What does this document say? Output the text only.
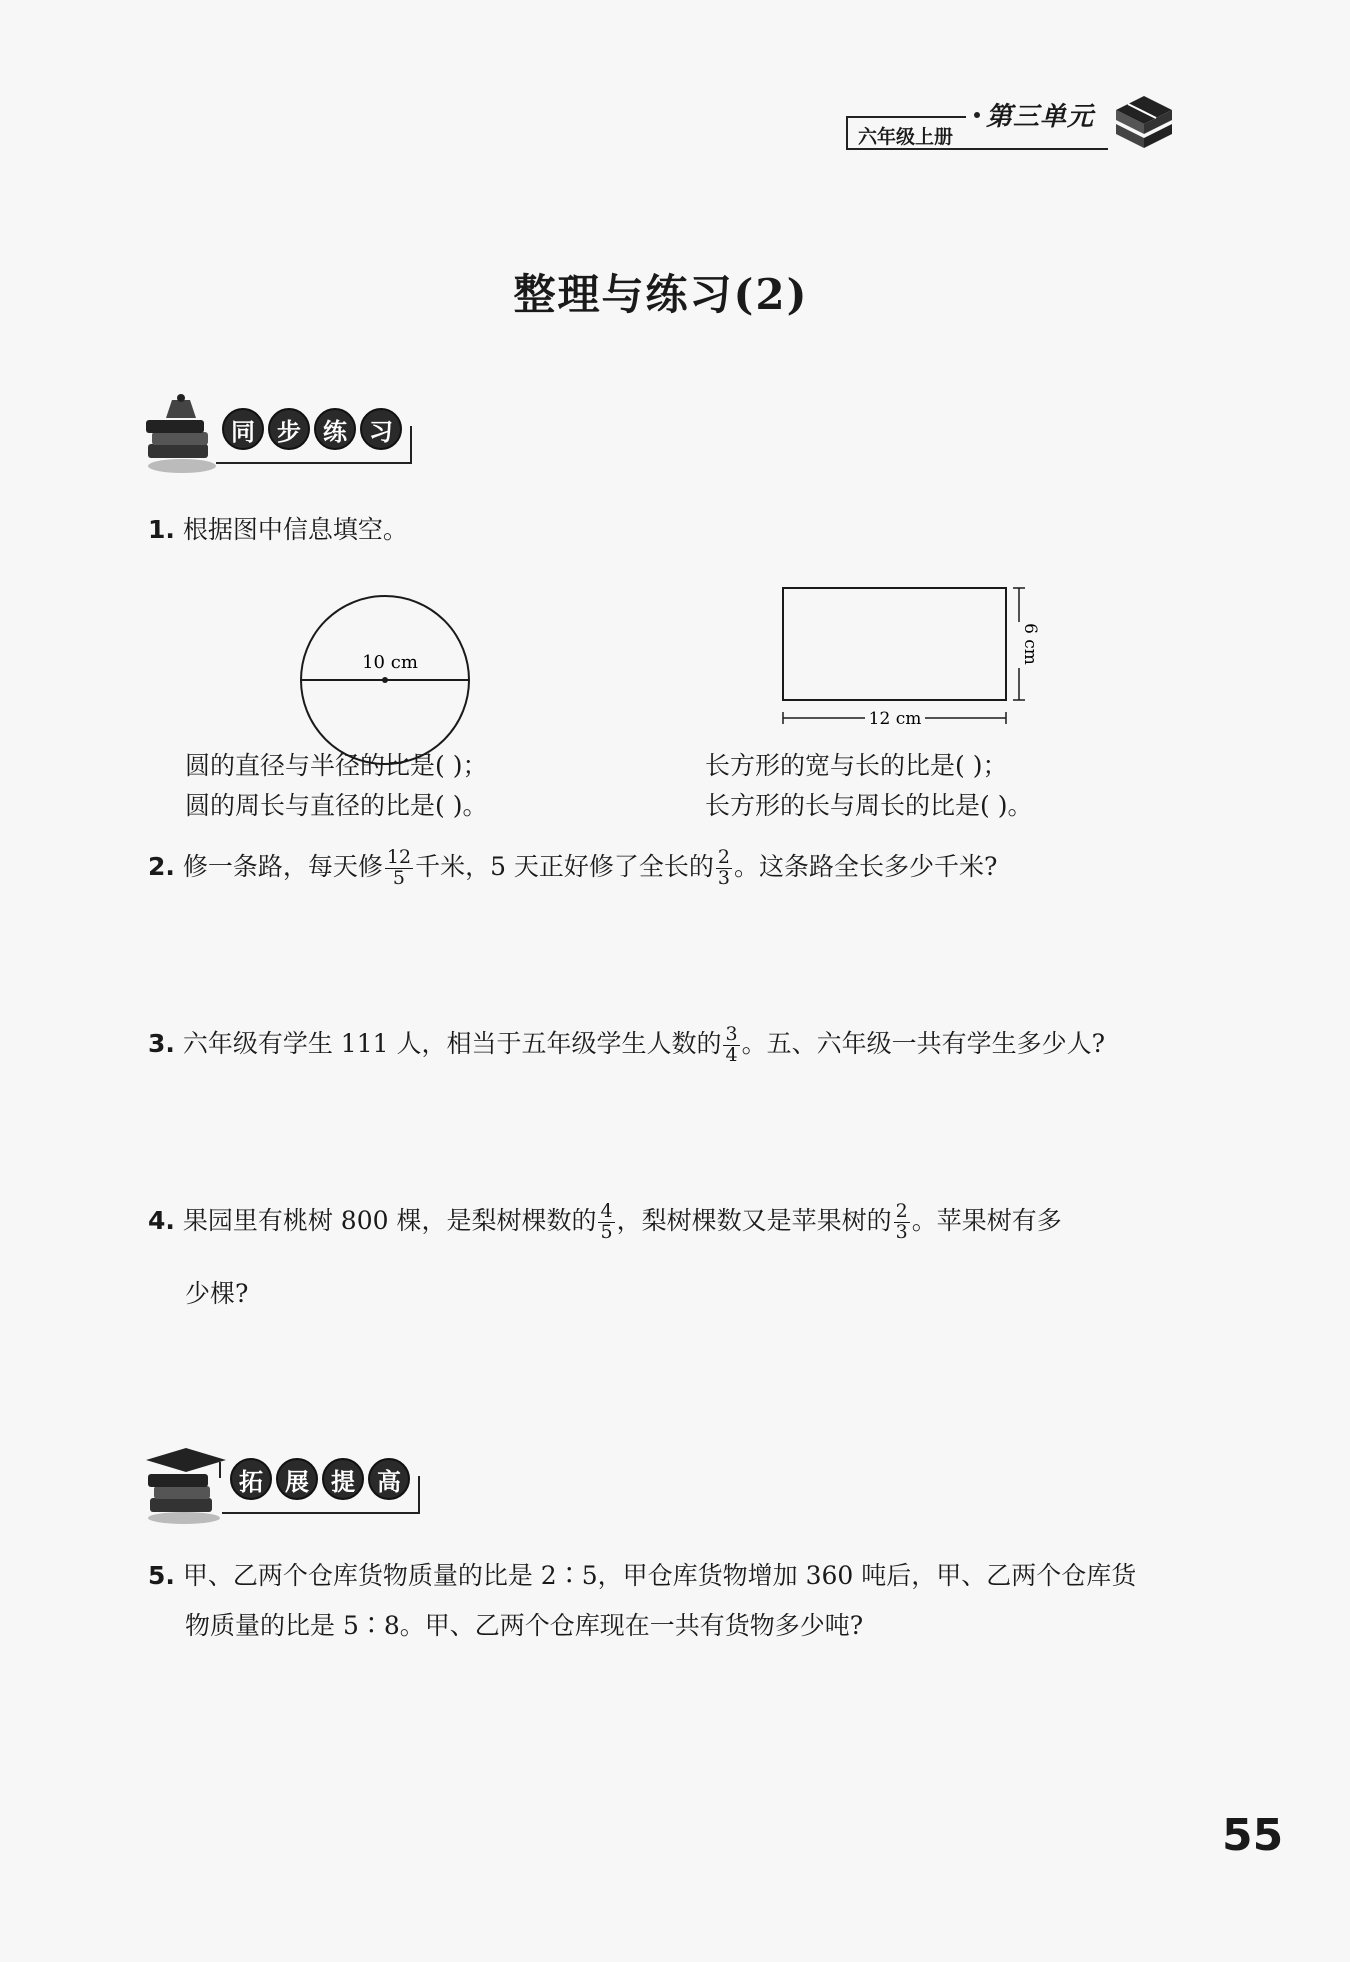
六年级上册
第三单元
整理与练习(2)
同 步 练 习
1. 根据图中信息填空。
10 cm	6 cm
12 cm
圆的直径与半径的比是( )；
圆的周长与直径的比是( )。
长方形的宽与长的比是( )；
长方形的长与周长的比是( )。
2. 修一条路，每天修 $\frac{12}{5}$ 千米，5 天正好修了全长的 $\frac{2}{3}$ 。这条路全长多少千米?
3. 六年级有学生 111 人，相当于五年级学生人数的 $\frac{3}{4}$ 。五、六年级一共有学生多少人?
4. 果园里有桃树 800 棵，是梨树棵数的 $\frac{4}{5}$ ，梨树棵数又是苹果树的 $\frac{2}{3}$ 。苹果树有多
少棵?
拓 展 提 高
5. 甲、乙两个仓库货物质量的比是 2∶5，甲仓库货物增加 360 吨后，甲、乙两个仓库货
物质量的比是 5∶8。甲、乙两个仓库现在一共有货物多少吨?
55
